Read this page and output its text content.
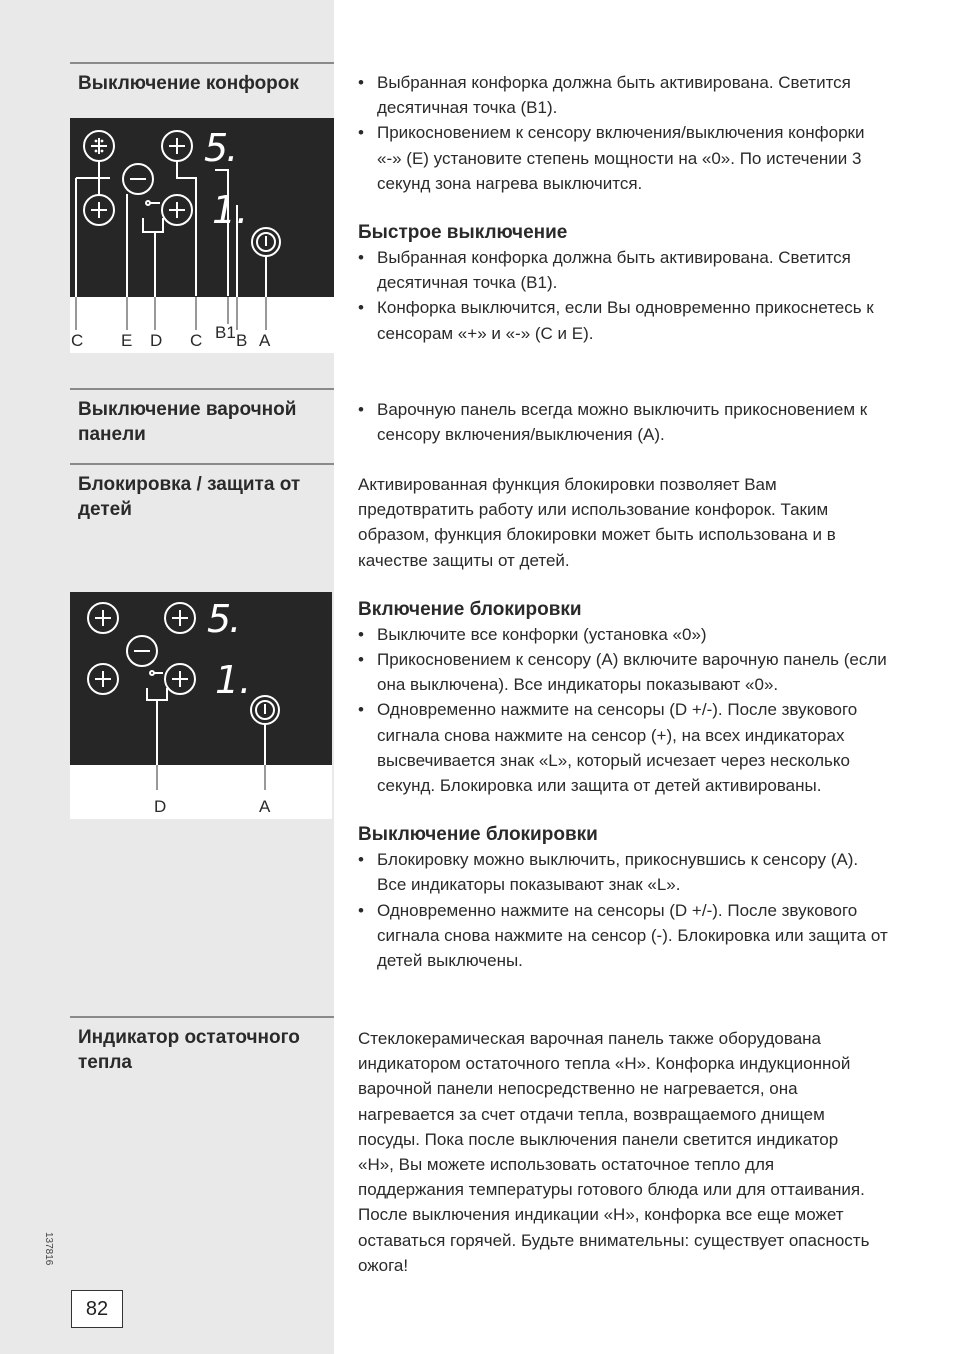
Выключение конфорок
5.
1.
C E D C B1 B A
• Выбранная конфорка должна быть активирована. Светится десятичная точка (B1).
• Прикосновением к сенсору включения/выключения конфорки «-» (E) установите степень мощности на «0». По истечении 3 секунд зона нагрева выключится.
Быстрое выключение
• Выбранная конфорка должна быть активирована. Светится десятичная точка (B1).
• Конфорка выключится, если Вы одновременно прикоснетесь к сенсорам «+» и «-» (C и E).
Выключение варочной панели
• Варочную панель всегда можно выключить прикосновением к сенсору включения/выключения (A).
Блокировка / защита от детей

Активированная функция блокировки позволяет Вам предотвратить работу или использование конфорок. Таким образом, функция блокировки может быть использована и в качестве защиты от детей.

Включение блокировки
• Выключите все конфорки (установка «0»)
• Прикосновением к сенсору (A) включите варочную панель (если она выключена). Все индикаторы показывают «0».
• Одновременно нажмите на сенсоры (D +/-). После звукового сигнала снова нажмите на сенсор (+), на всех индикаторах высвечивается знак «L», который исчезает через несколько секунд. Блокировка или защита от детей активированы.
Выключение блокировки
• Блокировку можно выключить, прикоснувшись к сенсору (A). Все индикаторы показывают знак «L».
• Одновременно нажмите на сенсоры (D +/-). После звукового сигнала снова нажмите на сенсор (-). Блокировка или защита от детей выключены.
5.
1.
D	A
Индикатор остаточного тепла

Стеклокерамическая варочная панель также оборудована индикатором остаточного тепла «H». Конфорка индукционной варочной панели непосредственно не нагревается, она нагревается за счет отдачи тепла, возвращаемого днищем посуды. Пока после выключения панели светится индикатор «H», Вы можете использовать остаточное тепло для поддержания температуры готового блюда или для оттаивания. После выключения индикации «H», конфорка все еще может оставаться горячей. Будьте внимательны: существует опасность ожога!

137816
82
